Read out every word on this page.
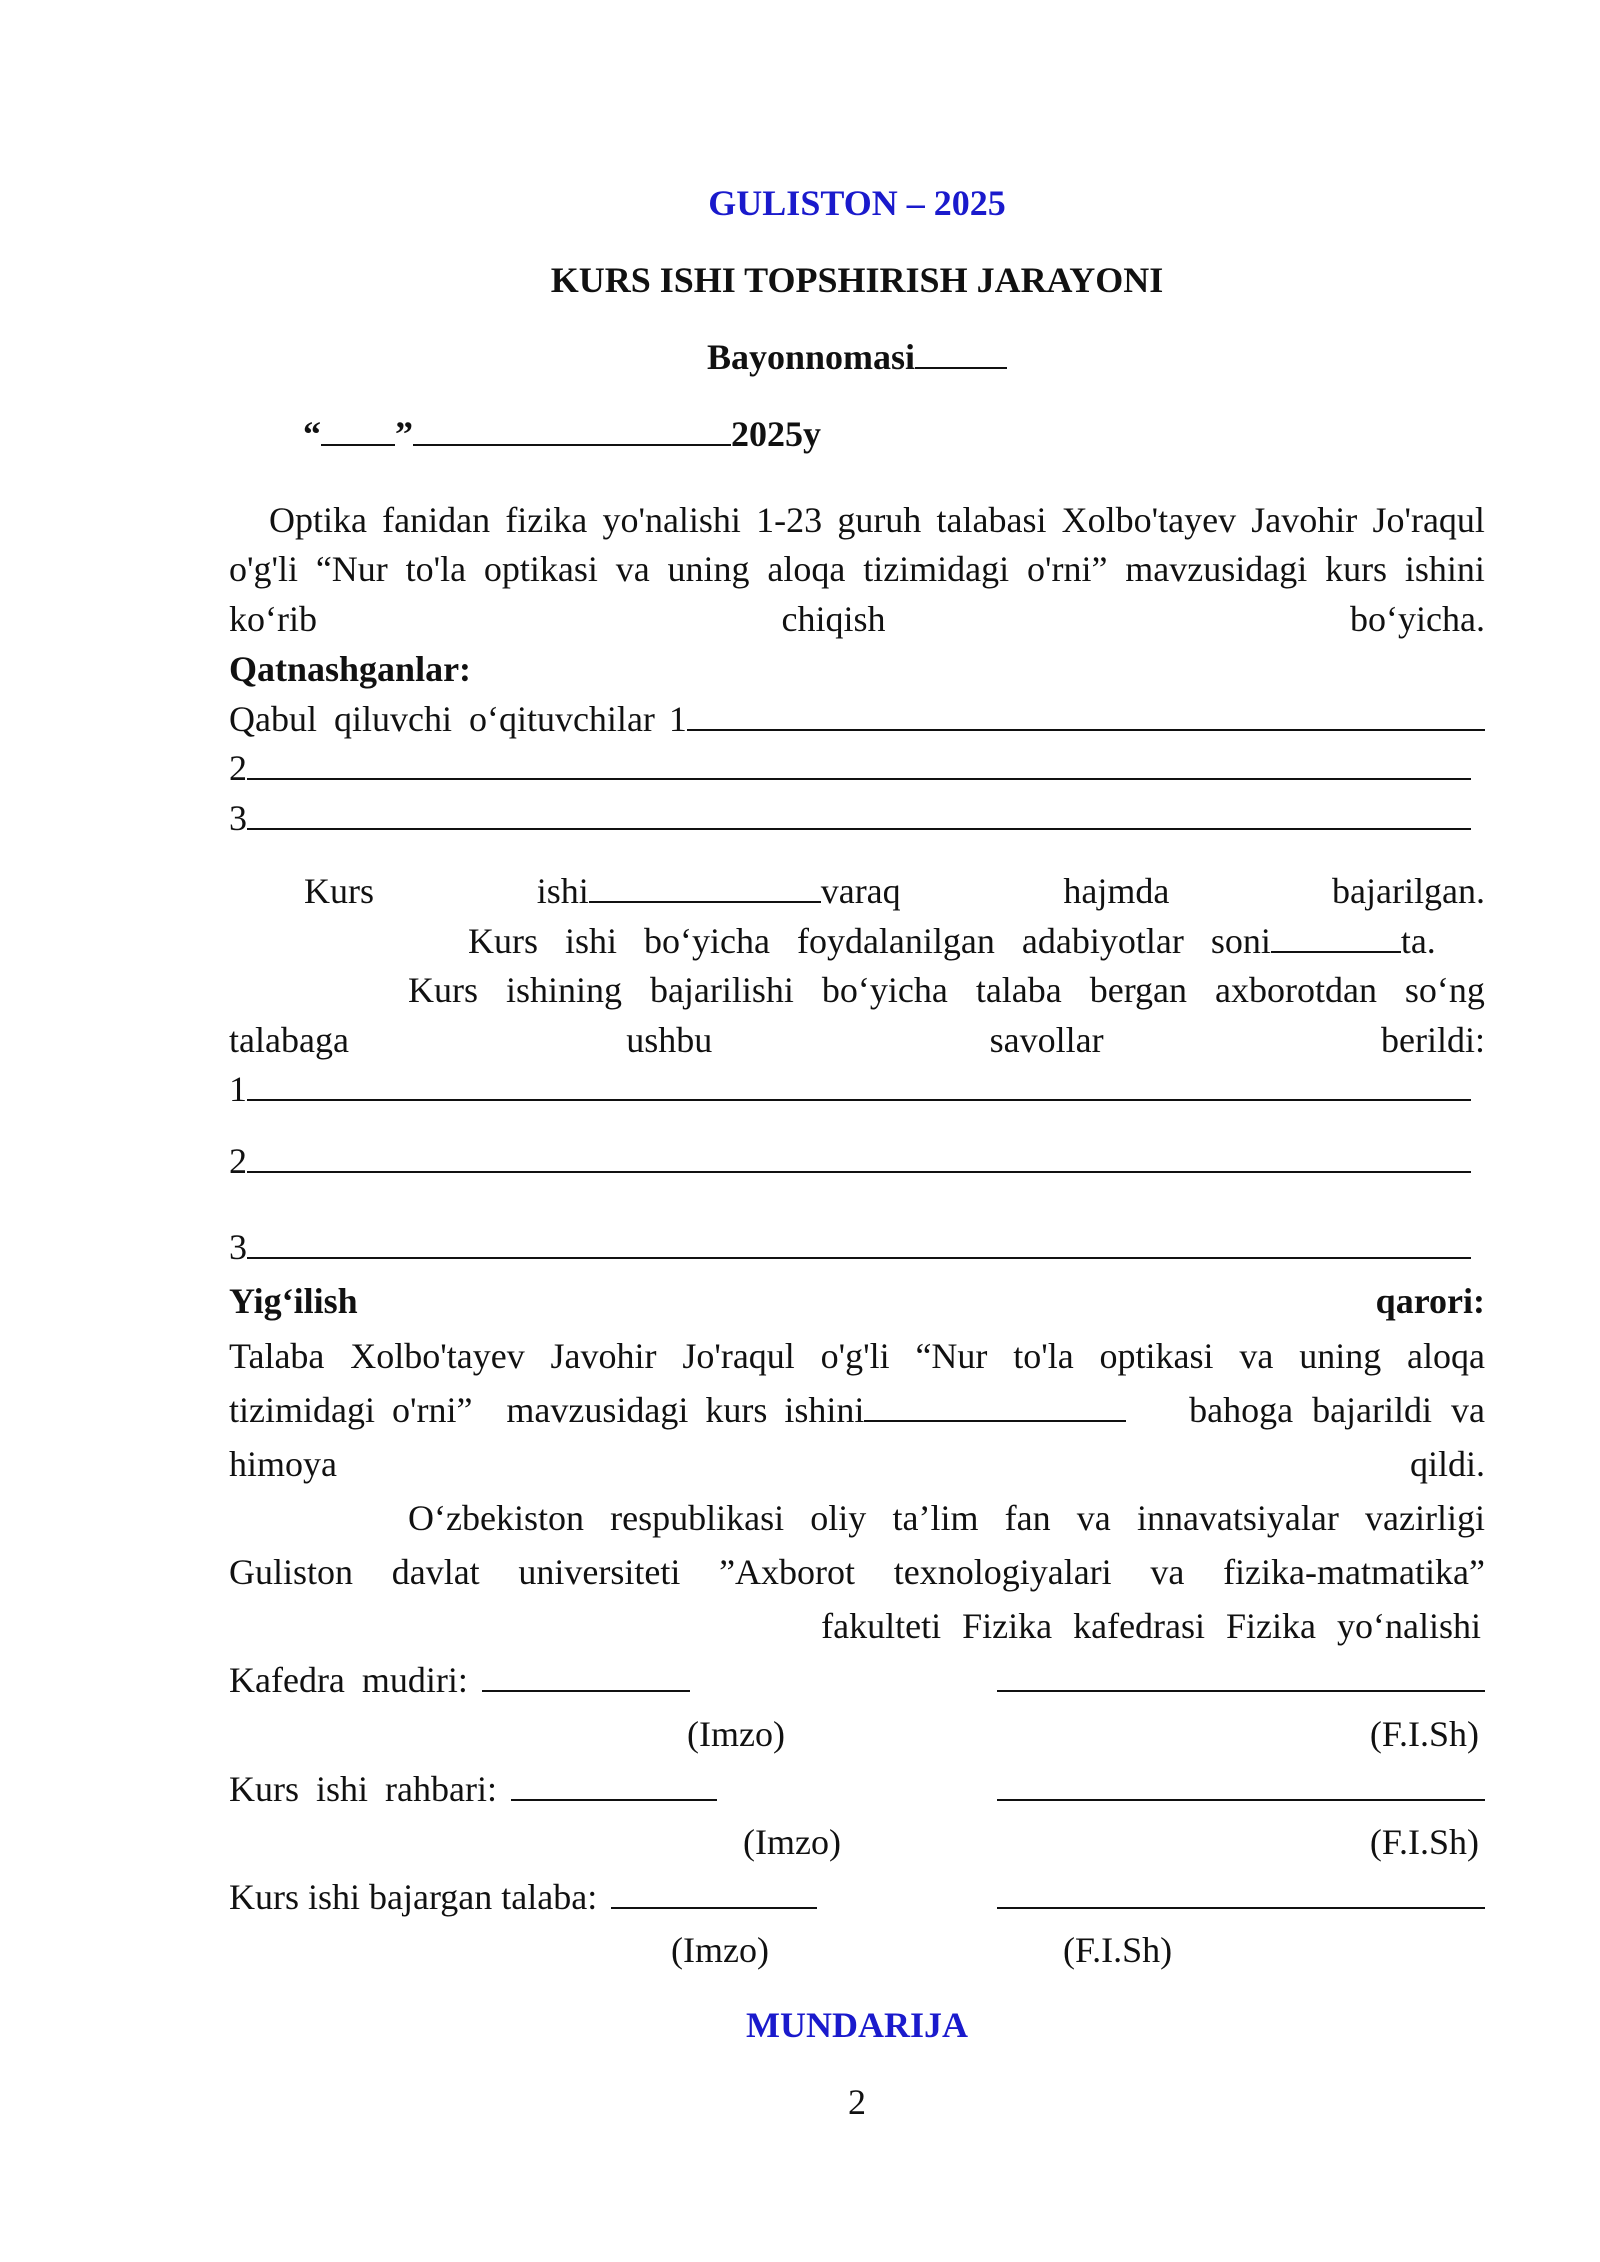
GULISTON – 2025
KURS ISHI TOPSHIRISH JARAYONI
Bayonnomasi
“ ”	2025y
Optika fanidan fizika yo'nalishi 1-23 guruh talabasi Xolbo'tayev Javohir Jo'raqul
o'g'li “Nur to'la optikasi va uning aloqa tizimidagi o'rni” mavzusidagi kurs ishini
ko‘rib	chiqish	bo‘yicha.
Qatnashganlar:
Qabul qiluvchi o‘qituvchilar 1
2
3
Kurs	ishi	varaq	hajmda	bajarilgan.
Kurs ishi bo‘yicha foydalanilgan adabiyotlar soni	ta.
Kurs ishining bajarilishi bo‘yicha talaba bergan axborotdan so‘ng
talabaga	ushbu	savollar	berildi:
1
2
3
Yig‘ilish	qarori:
Talaba Xolbo'tayev Javohir Jo'raqul o'g'li “Nur to'la optikasi va uning aloqa
tizimidagi o'rni”  mavzusidagi kurs ishini	bahoga bajarildi va
himoya	qildi.
O‘zbekiston respublikasi oliy ta’lim fan va innavatsiyalar vazirligi
Guliston davlat universiteti ”Axborot texnologiyalari va fizika-matmatika”
fakulteti Fizika kafedrasi Fizika yo‘nalishi
Kafedra mudiri:
(Imzo)	(F.I.Sh)
Kurs ishi rahbari:
(Imzo)	(F.I.Sh)
Kurs ishi bajargan talaba:
(Imzo)	(F.I.Sh)
MUNDARIJA
2
